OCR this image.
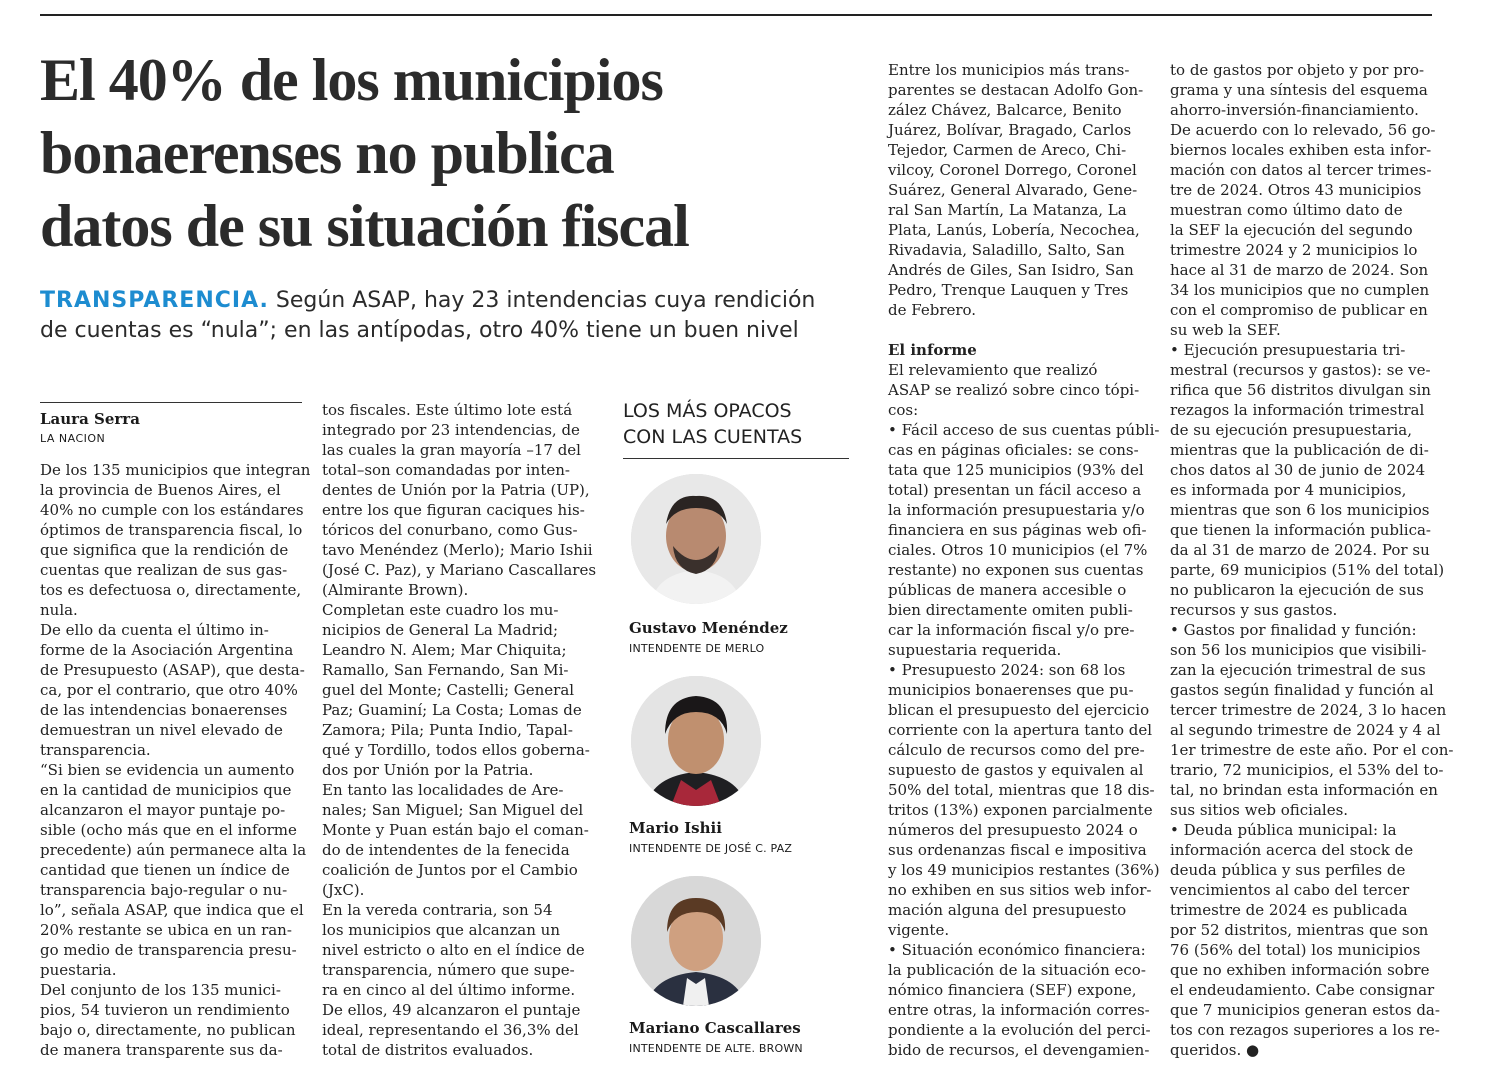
El 40% de los municipios
bonaerenses no publica
datos de su situación fiscal
TRANSPARENCIA. Según ASAP, hay 23 intendencias cuya rendición
de cuentas es “nula”; en las antípodas, otro 40% tiene un buen nivel
Laura Serra
LA NACION
De los 135 municipios que integran
la provincia de Buenos Aires, el
40% no cumple con los estándares
óptimos de transparencia fiscal, lo
que significa que la rendición de
cuentas que realizan de sus gas-
tos es defectuosa o, directamente,
nula.
De ello da cuenta el último in-
forme de la Asociación Argentina
de Presupuesto (ASAP), que desta-
ca, por el contrario, que otro 40%
de las intendencias bonaerenses
demuestran un nivel elevado de
transparencia.
“Si bien se evidencia un aumento
en la cantidad de municipios que
alcanzaron el mayor puntaje po-
sible (ocho más que en el informe
precedente) aún permanece alta la
cantidad que tienen un índice de
transparencia bajo-regular o nu-
lo”, señala ASAP, que indica que el
20% restante se ubica en un ran-
go medio de transparencia presu-
puestaria.
Del conjunto de los 135 munici-
pios, 54 tuvieron un rendimiento
bajo o, directamente, no publican
de manera transparente sus da-
tos fiscales. Este último lote está
integrado por 23 intendencias, de
las cuales la gran mayoría –17 del
total–son comandadas por inten-
dentes de Unión por la Patria (UP),
entre los que figuran caciques his-
tóricos del conurbano, como Gus-
tavo Menéndez (Merlo); Mario Ishii
(José C. Paz), y Mariano Cascallares
(Almirante Brown).
Completan este cuadro los mu-
nicipios de General La Madrid;
Leandro N. Alem; Mar Chiquita;
Ramallo, San Fernando, San Mi-
guel del Monte; Castelli; General
Paz; Guaminí; La Costa; Lomas de
Zamora; Pila; Punta Indio, Tapal-
qué y Tordillo, todos ellos goberna-
dos por Unión por la Patria.
En tanto las localidades de Are-
nales; San Miguel; San Miguel del
Monte y Puan están bajo el coman-
do de intendentes de la fenecida
coalición de Juntos por el Cambio
(JxC).
En la vereda contraria, son 54
los municipios que alcanzan un
nivel estricto o alto en el índice de
transparencia, número que supe-
ra en cinco al del último informe.
De ellos, 49 alcanzaron el puntaje
ideal, representando el 36,3% del
total de distritos evaluados.
Entre los municipios más trans-
parentes se destacan Adolfo Gon-
zález Chávez, Balcarce, Benito
Juárez, Bolívar, Bragado, Carlos
Tejedor, Carmen de Areco, Chi-
vilcoy, Coronel Dorrego, Coronel
Suárez, General Alvarado, Gene-
ral San Martín, La Matanza, La
Plata, Lanús, Lobería, Necochea,
Rivadavia, Saladillo, Salto, San
Andrés de Giles, San Isidro, San
Pedro, Trenque Lauquen y Tres
de Febrero.
El informe
El relevamiento que realizó
ASAP se realizó sobre cinco tópi-
cos:
• Fácil acceso de sus cuentas públi-
cas en páginas oficiales: se cons-
tata que 125 municipios (93% del
total) presentan un fácil acceso a
la información presupuestaria y/o
financiera en sus páginas web ofi-
ciales. Otros 10 municipios (el 7%
restante) no exponen sus cuentas
públicas de manera accesible o
bien directamente omiten publi-
car la información fiscal y/o pre-
supuestaria requerida.
• Presupuesto 2024: son 68 los
municipios bonaerenses que pu-
blican el presupuesto del ejercicio
corriente con la apertura tanto del
cálculo de recursos como del pre-
supuesto de gastos y equivalen al
50% del total, mientras que 18 dis-
tritos (13%) exponen parcialmente
números del presupuesto 2024 o
sus ordenanzas fiscal e impositiva
y los 49 municipios restantes (36%)
no exhiben en sus sitios web infor-
mación alguna del presupuesto
vigente.
• Situación económico financiera:
la publicación de la situación eco-
nómico financiera (SEF) expone,
entre otras, la información corres-
pondiente a la evolución del perci-
bido de recursos, el devengamien-
to de gastos por objeto y por pro-
grama y una síntesis del esquema
ahorro-inversión-financiamiento.
De acuerdo con lo relevado, 56 go-
biernos locales exhiben esta infor-
mación con datos al tercer trimes-
tre de 2024. Otros 43 municipios
muestran como último dato de
la SEF la ejecución del segundo
trimestre 2024 y 2 municipios lo
hace al 31 de marzo de 2024. Son
34 los municipios que no cumplen
con el compromiso de publicar en
su web la SEF.
• Ejecución presupuestaria tri-
mestral (recursos y gastos): se ve-
rifica que 56 distritos divulgan sin
rezagos la información trimestral
de su ejecución presupuestaria,
mientras que la publicación de di-
chos datos al 30 de junio de 2024
es informada por 4 municipios,
mientras que son 6 los municipios
que tienen la información publica-
da al 31 de marzo de 2024. Por su
parte, 69 municipios (51% del total)
no publicaron la ejecución de sus
recursos y sus gastos.
• Gastos por finalidad y función:
son 56 los municipios que visibili-
zan la ejecución trimestral de sus
gastos según finalidad y función al
tercer trimestre de 2024, 3 lo hacen
al segundo trimestre de 2024 y 4 al
1er trimestre de este año. Por el con-
trario, 72 municipios, el 53% del to-
tal, no brindan esta información en
sus sitios web oficiales.
• Deuda pública municipal: la
información acerca del stock de
deuda pública y sus perfiles de
vencimientos al cabo del tercer
trimestre de 2024 es publicada
por 52 distritos, mientras que son
76 (56% del total) los municipios
que no exhiben información sobre
el endeudamiento. Cabe consignar
que 7 municipios generan estos da-
tos con rezagos superiores a los re-
queridos. ●
LOS MÁS OPACOS
CON LAS CUENTAS
Gustavo Menéndez
INTENDENTE DE MERLO
Mario Ishii
INTENDENTE DE JOSÉ C. PAZ
Mariano Cascallares
INTENDENTE DE ALTE. BROWN
